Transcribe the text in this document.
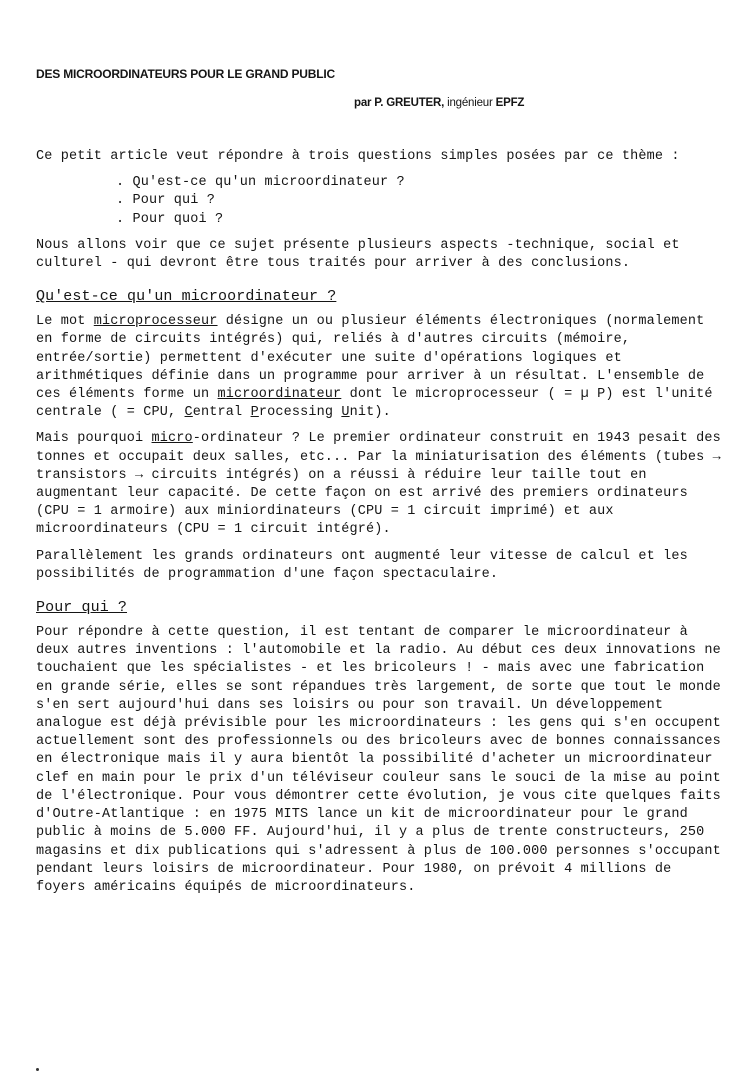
DES MICROORDINATEURS POUR LE GRAND PUBLIC
par P. GREUTER, ingénieur EPFZ

Ce petit article veut répondre à trois questions simples posées par ce thème :

. Qu'est-ce qu'un microordinateur ?
. Pour qui ?
. Pour quoi ?

Nous allons voir que ce sujet présente plusieurs aspects -technique, social et culturel - qui devront être tous traités pour arriver à des conclusions.

Qu'est-ce qu'un microordinateur ?

Le mot microprocesseur désigne un ou plusieur éléments électroniques (normalement en forme de circuits intégrés) qui, reliés à d'autres circuits (mémoire, entrée/sortie) permettent d'exécuter une suite d'opérations logiques et arithmétiques définie dans un programme pour arriver à un résultat. L'ensemble de ces éléments forme un microordinateur dont le microprocesseur ( = µ P) est l'unité centrale ( = CPU, Central Processing Unit).

Mais pourquoi micro-ordinateur ? Le premier ordinateur construit en 1943 pesait des tonnes et occupait deux salles, etc... Par la miniaturisation des éléments (tubes → transistors → circuits intégrés) on a réussi à réduire leur taille tout en augmentant leur capacité. De cette façon on est arrivé des premiers ordinateurs (CPU = 1 armoire) aux miniordinateurs (CPU = 1 circuit imprimé) et aux microordinateurs (CPU = 1 circuit intégré).

Parallèlement les grands ordinateurs ont augmenté leur vitesse de calcul et les possibilités de programmation d'une façon spectaculaire.

Pour qui ?

Pour répondre à cette question, il est tentant de comparer le microordinateur à deux autres inventions : l'automobile et la radio. Au début ces deux innovations ne touchaient que les spécialistes - et les bricoleurs ! - mais avec une fabrication en grande série, elles se sont répandues très largement, de sorte que tout le monde s'en sert aujourd'hui dans ses loisirs ou pour son travail. Un développement analogue est déjà prévisible pour les microordinateurs : les gens qui s'en occupent actuellement sont des professionnels ou des bricoleurs avec de bonnes connaissances en électronique mais il y aura bientôt la possibilité d'acheter un microordinateur clef en main pour le prix d'un téléviseur couleur sans le souci de la mise au point de l'électronique. Pour vous démontrer cette évolution, je vous cite quelques faits d'Outre-Atlantique : en 1975 MITS lance un kit de microordinateur pour le grand public à moins de 5.000 FF. Aujourd'hui, il y a plus de trente constructeurs, 250 magasins et dix publications qui s'adressent à plus de 100.000 personnes s'occupant pendant leurs loisirs de microordinateur. Pour 1980, on prévoit 4 millions de foyers américains équipés de microordinateurs.
